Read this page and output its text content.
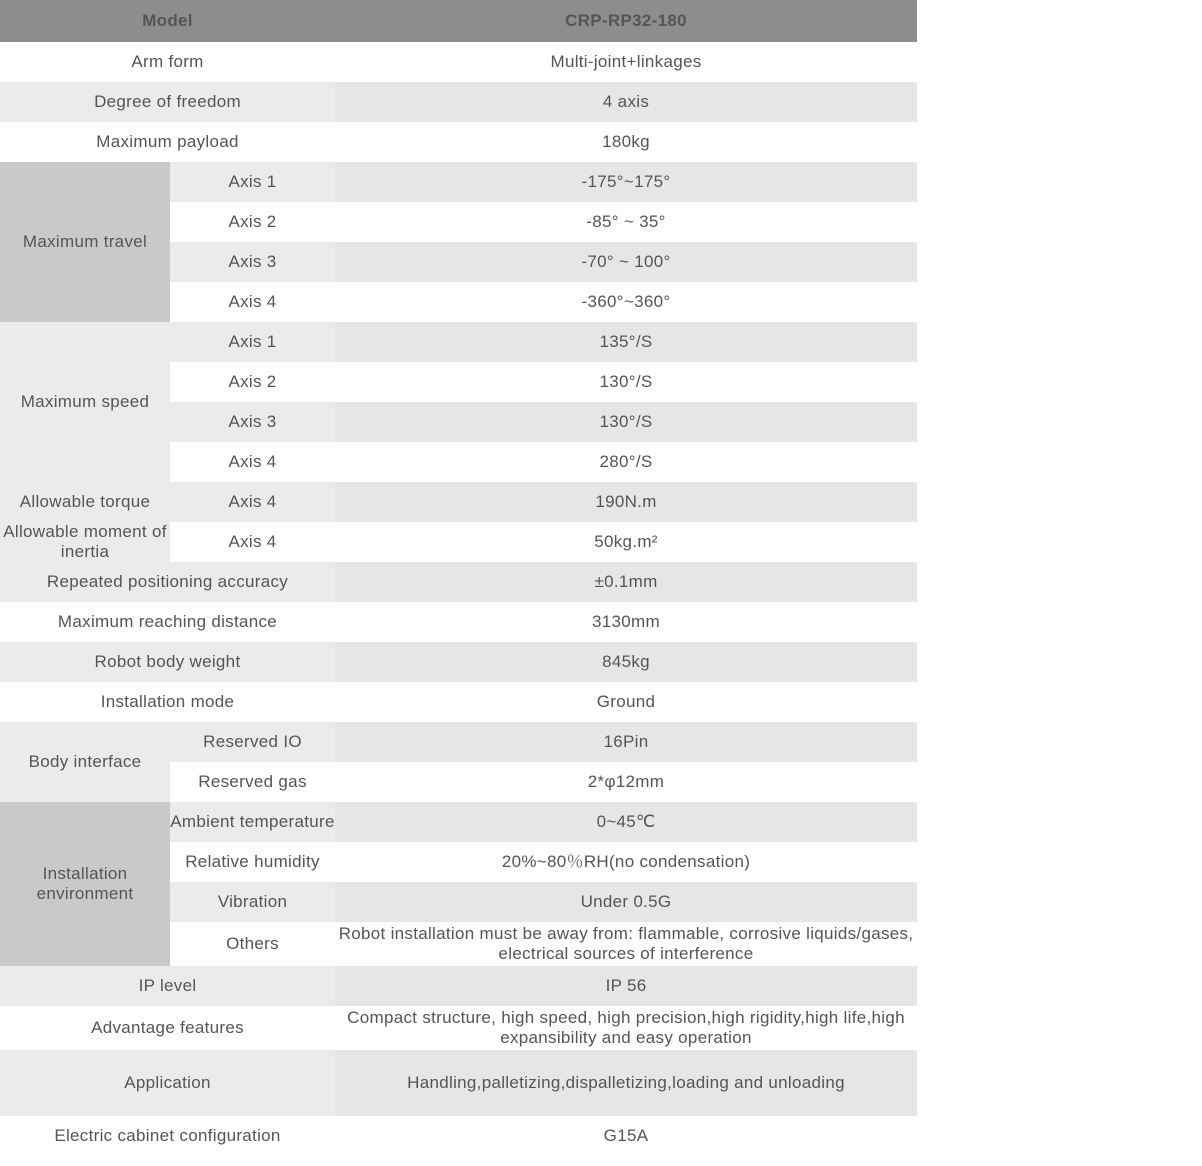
Model		CRP-RP32-180	
Arm form		Multi-joint+linkages	
Degree of freedom		4 axis	
Maximum payload		180kg	
Maximum travel	Axis 1	-175°~175°	
	Axis 2	-85° ~ 35°	
	Axis 3	-70° ~ 100°	
	Axis 4	-360°~360°	
Maximum speed	Axis 1	135°/S	
	Axis 2	130°/S	
	Axis 3	130°/S	
	Axis 4	280°/S	
Allowable torque	Axis 4	190N.m	
Allowable moment of inertia	Axis 4	50kg.m²	
Repeated positioning accuracy		±0.1mm	
Maximum reaching distance		3130mm	
Robot body weight		845kg	
Installation mode		Ground	
Body interface	Reserved IO	16Pin	
	Reserved gas	2*φ12mm	
Installation environment	Ambient temperature	0~45℃	
	Relative humidity	20%~80％RH(no condensation)	
	Vibration	Under 0.5G	
	Others	Robot installation must be away from: flammable, corrosive liquids/gases, electrical sources of interference	
IP level		IP 56	
Advantage features		Compact structure, high speed, high precision,high rigidity,high life,high expansibility and easy operation	
Application		Handling,palletizing,dispalletizing,loading and unloading	
Electric cabinet configuration		G15A	
